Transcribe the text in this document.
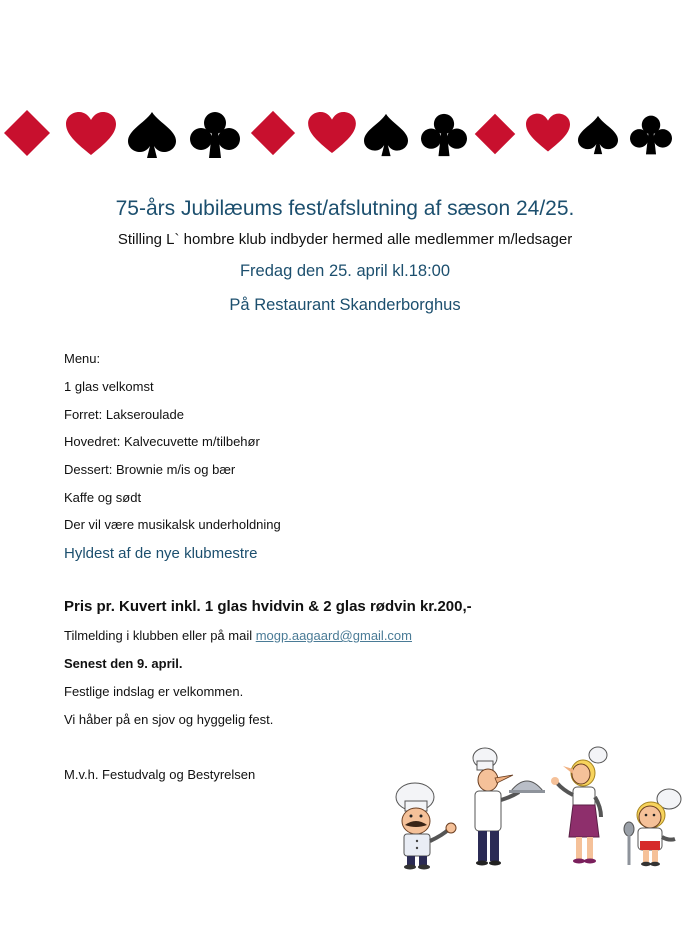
75-års Jubilæums fest/afslutning af sæson 24/25.
Stilling L` hombre klub indbyder hermed alle medlemmer m/ledsager
Fredag den 25. april kl.18:00
På Restaurant Skanderborghus
Menu:
1 glas velkomst
Forret: Lakseroulade
Hovedret: Kalvecuvette m/tilbehør
Dessert: Brownie m/is og bær
Kaffe og sødt
Der vil være musikalsk underholdning
Hyldest af de nye klubmestre
Pris pr. Kuvert inkl. 1 glas hvidvin & 2 glas rødvin kr.200,-
Tilmelding i klubben eller på mail mogp.aagaard@gmail.com
Senest den 9. april.
Festlige indslag er velkommen.
Vi håber på en sjov og hyggelig fest.
M.v.h. Festudvalg og Bestyrelsen
